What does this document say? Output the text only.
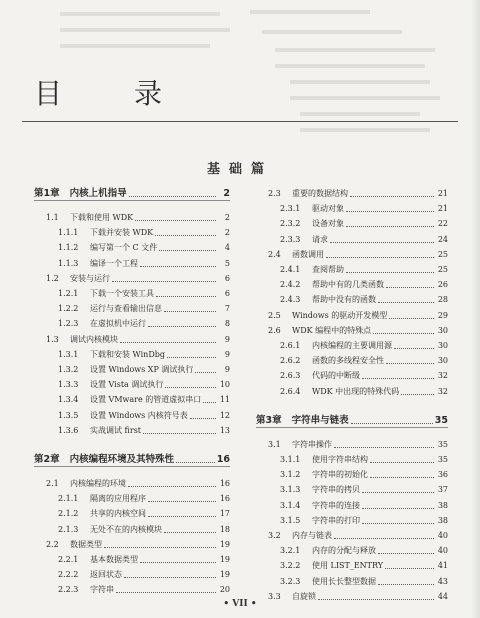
目　录
基础篇
第1章 内核上机指导	2
1.1	下载和使用 WDK	2
1.1.1	下载并安装 WDK	2
1.1.2	编写第一个 C 文件	4
1.1.3	编译一个工程	5
1.2	安装与运行	6
1.2.1	下载一个安装工具	6
1.2.2	运行与查看输出信息	7
1.2.3	在虚拟机中运行	8
1.3	调试内核模块	9
1.3.1	下载和安装 WinDbg	9
1.3.2	设置 Windows XP 调试执行	9
1.3.3	设置 Vista 调试执行	10
1.3.4	设置 VMware 的管道虚拟串口 11
1.3.5	设置 Windows 内核符号表	12
1.3.6	实战调试 first	13
第2章 内核编程环境及其特殊性	16
2.1	内核编程的环境	16
2.1.1	隔离的应用程序	16
2.1.2	共享的内核空间	17
2.1.3	无处不在的内核模块	18
2.2	数据类型	19
2.2.1	基本数据类型	19
2.2.2	返回状态	19
2.2.3	字符串	20
2.3	重要的数据结构	21
2.3.1	驱动对象	21
2.3.2	设备对象	22
2.3.3	请求	24
2.4	函数调用	25
2.4.1	查阅帮助	25
2.4.2	帮助中有的几类函数	26
2.4.3	帮助中没有的函数	28
2.5	Windows 的驱动开发模型	29
2.6	WDK 编程中的特殊点	30
2.6.1	内核编程的主要调用源	30
2.6.2	函数的多线程安全性	30
2.6.3	代码的中断级	32
2.6.4	WDK 中出现的特殊代码	32
第3章 字符串与链表	35
3.1	字符串操作	35
3.1.1	使用字符串结构	35
3.1.2	字符串的初始化	36
3.1.3	字符串的拷贝	37
3.1.4	字符串的连接	38
3.1.5	字符串的打印	38
3.2	内存与链表	40
3.2.1	内存的分配与释放	40
3.2.2	使用 LIST_ENTRY	41
3.2.3	使用长长整型数据	43
3.3	自旋锁	44
• VII •
